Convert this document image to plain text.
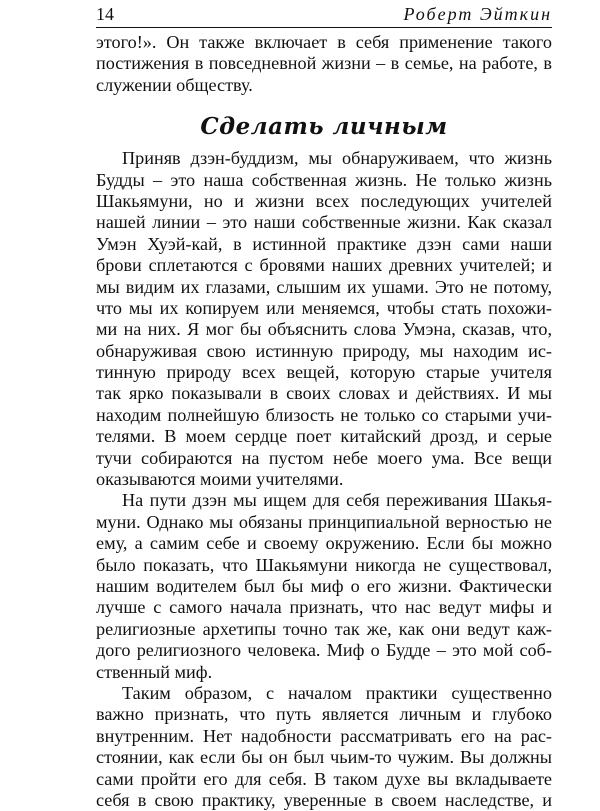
14	Роберт Эйткин
этого!». Он также включает в себя применение такого
постижения в повседневной жизни – в семье, на работе, в
служении обществу.
Сделать личным
Приняв дзэн-буддизм, мы обнаруживаем, что жизнь
Будды – это наша собственная жизнь. Не только жизнь
Шакьямуни, но и жизни всех последующих учителей
нашей линии – это наши собственные жизни. Как сказал
Умэн Хуэй-кай, в истинной практике дзэн сами наши
брови сплетаются с бровями наших древних учителей; и
мы видим их глазами, слышим их ушами. Это не потому,
что мы их копируем или меняемся, чтобы стать похожи-
ми на них. Я мог бы объяснить слова Умэна, сказав, что,
обнаруживая свою истинную природу, мы находим ис-
тинную природу всех вещей, которую старые учителя
так ярко показывали в своих словах и действиях. И мы
находим полнейшую близость не только со старыми учи-
телями. В моем сердце поет китайский дрозд, и серые
тучи собираются на пустом небе моего ума. Все вещи
оказываются моими учителями.
На пути дзэн мы ищем для себя переживания Шакья-
муни. Однако мы обязаны принципиальной верностью не
ему, а самим себе и своему окружению. Если бы можно
было показать, что Шакьямуни никогда не существовал,
нашим водителем был бы миф о его жизни. Фактически
лучше с самого начала признать, что нас ведут мифы и
религиозные архетипы точно так же, как они ведут каж-
дого религиозного человека. Миф о Будде – это мой соб-
ственный миф.
Таким образом, с началом практики существенно
важно признать, что путь является личным и глубоко
внутренним. Нет надобности рассматривать его на рас-
стоянии, как если бы он был чьим-то чужим. Вы должны
сами пройти его для себя. В таком духе вы вкладываете
себя в свою практику, уверенные в своем наследстве, и
